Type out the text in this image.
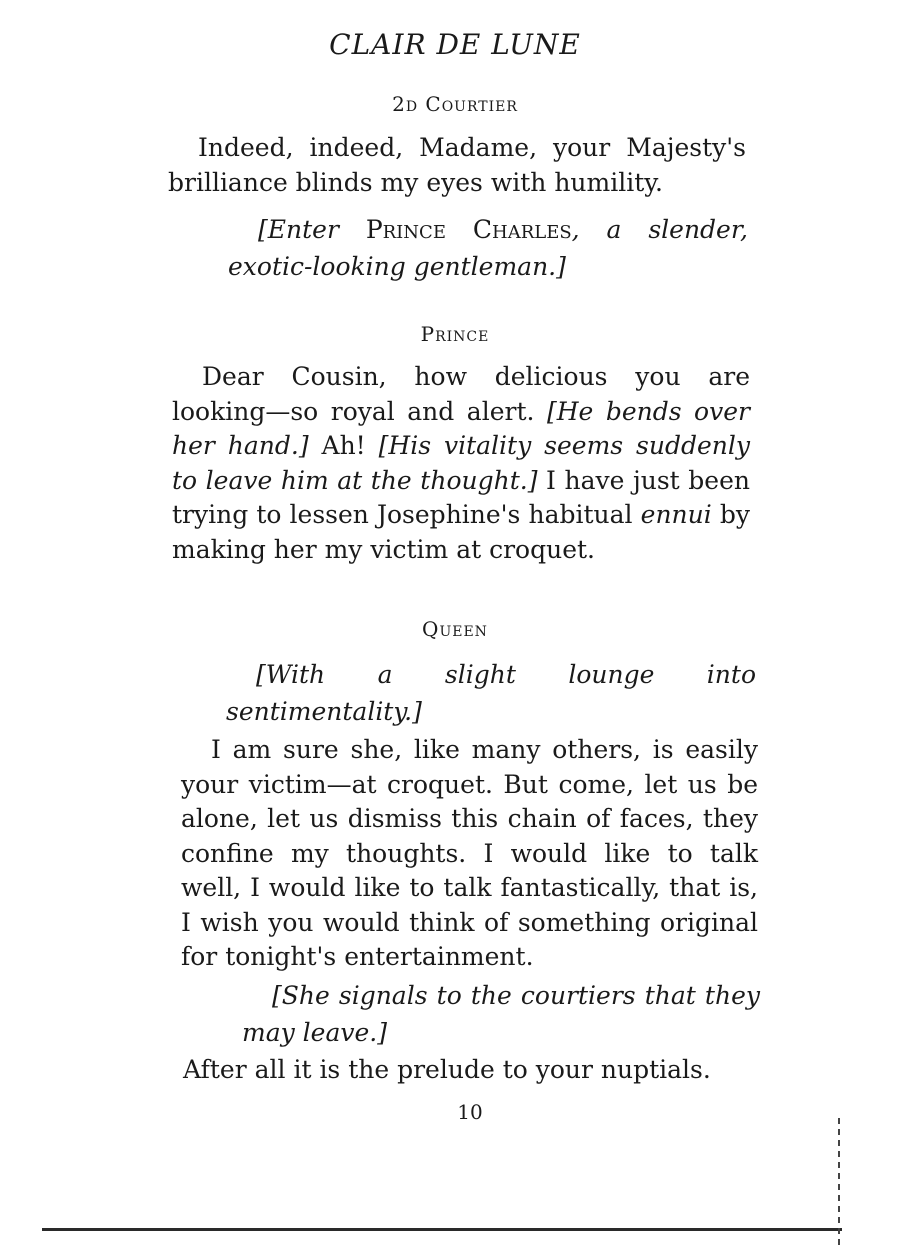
CLAIR DE LUNE
2d Courtier

Indeed, indeed, Madame, your Majesty's brilliance blinds my eyes with humility.

[Enter Prince Charles, a slender, exotic-looking gentleman.]

Prince

Dear Cousin, how delicious you are looking—so royal and alert. [He bends over her hand.] Ah! [His vitality seems suddenly to leave him at the thought.] I have just been trying to lessen Josephine's habitual ennui by making her my victim at croquet.

Queen

[With a slight lounge into sentimentality.]

I am sure she, like many others, is easily your victim—at croquet. But come, let us be alone, let us dismiss this chain of faces, they confine my thoughts. I would like to talk well, I would like to talk fantastically, that is, I wish you would think of something original for tonight's entertainment.

[She signals to the courtiers that they may leave.]

After all it is the prelude to your nuptials.

10
